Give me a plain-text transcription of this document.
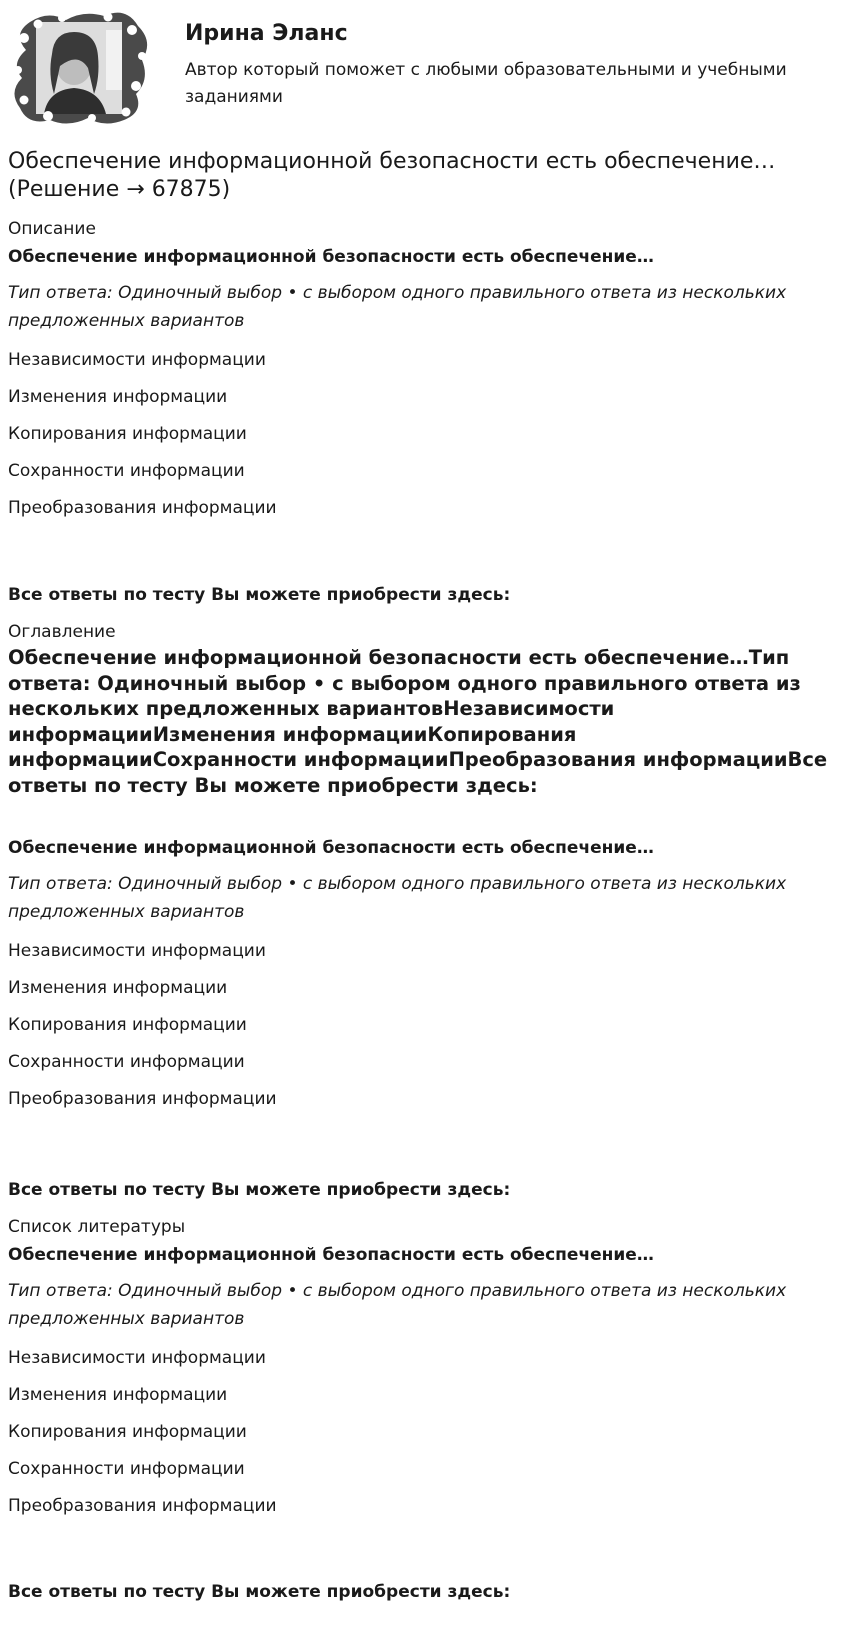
Ирина Эланс
Автор который поможет с любыми образовательными и учебными заданиями
Обеспечение информационной безопасности есть обеспечение… (Решение → 67875)
Описание
Обеспечение информационной безопасности есть обеспечение…
Тип ответа: Одиночный выбор • с выбором одного правильного ответа из нескольких предложенных вариантов
Независимости информации
Изменения информации
Копирования информации
Сохранности информации
Преобразования информации
Все ответы по тесту Вы можете приобрести здесь:
Оглавление
Обеспечение информационной безопасности есть обеспечение…Тип ответа: Одиночный выбор • с выбором одного правильного ответа из нескольких предложенных вариантовНезависимости информацииИзменения информацииКопирования информацииСохранности информацииПреобразования информацииВсе ответы по тесту Вы можете приобрести здесь:
Обеспечение информационной безопасности есть обеспечение…
Тип ответа: Одиночный выбор • с выбором одного правильного ответа из нескольких предложенных вариантов
Независимости информации
Изменения информации
Копирования информации
Сохранности информации
Преобразования информации
Все ответы по тесту Вы можете приобрести здесь:
Список литературы
Обеспечение информационной безопасности есть обеспечение…
Тип ответа: Одиночный выбор • с выбором одного правильного ответа из нескольких предложенных вариантов
Независимости информации
Изменения информации
Копирования информации
Сохранности информации
Преобразования информации
Все ответы по тесту Вы можете приобрести здесь:
